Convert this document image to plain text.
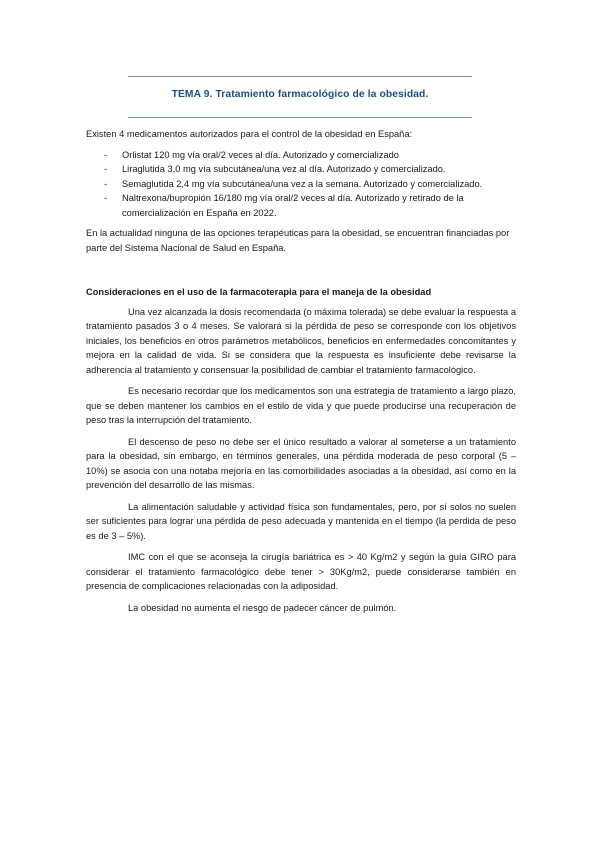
TEMA 9. Tratamiento farmacológico de la obesidad.

Existen 4 medicamentos autorizados para el control de la obesidad en España:

- Orlistat 120 mg vía oral/2 veces al día. Autorizado y comercializado
- Liraglutida 3,0 mg vía subcutánea/una vez al día. Autorizado y comercializado.
- Semaglutida 2,4 mg vía subcutánea/una vez a la semana. Autorizado y comercializado.
- Naltrexona/bupropión 16/180 mg vía oral/2 veces al día. Autorizado y retirado de la comercialización en España en 2022.

En la actualidad ninguna de las opciones terapéuticas para la obesidad, se encuentran financiadas por parte del Sistema Nacional de Salud en España.

Consideraciones en el uso de la farmacoterapia para el maneja de la obesidad

Una vez alcanzada la dosis recomendada (o máxima tolerada) se debe evaluar la respuesta a tratamiento pasados 3 o 4 meses. Se valorará si la pérdida de peso se corresponde con los objetivos iniciales, los beneficios en otros parámetros metabólicos, beneficios en enfermedades concomitantes y mejora en la calidad de vida. Si se considera que la respuesta es insuficiente debe revisarse la adherencia al tratamiento y consensuar la posibilidad de cambiar el tratamiento farmacológico.

Es necesario recordar que los medicamentos son una estrategia de tratamiento a largo plazo, que se deben mantener los cambios en el estilo de vida y que puede producirse una recuperación de peso tras la interrupción del tratamiento.

El descenso de peso no debe ser el único resultado a valorar al someterse a un tratamiento para la obesidad, sin embargo, en términos generales, una pérdida moderada de peso corporal (5 – 10%) se asocia con una notaba mejoría en las comorbilidades asociadas a la obesidad, así como en la prevención del desarrollo de las mismas.

La alimentación saludable y actividad física son fundamentales, pero, por sí solos no suelen ser suficientes para lograr una pérdida de peso adecuada y mantenida en el tiempo (la perdida de peso es de 3 – 5%).

IMC con el que se aconseja la cirugía bariátrica es > 40 Kg/m2 y según la guía GIRO para considerar el tratamiento farmacológico debe tener > 30Kg/m2, puede considerarse también en presencia de complicaciones relacionadas con la adiposidad.

La obesidad no aumenta el riesgo de padecer cáncer de pulmón.
